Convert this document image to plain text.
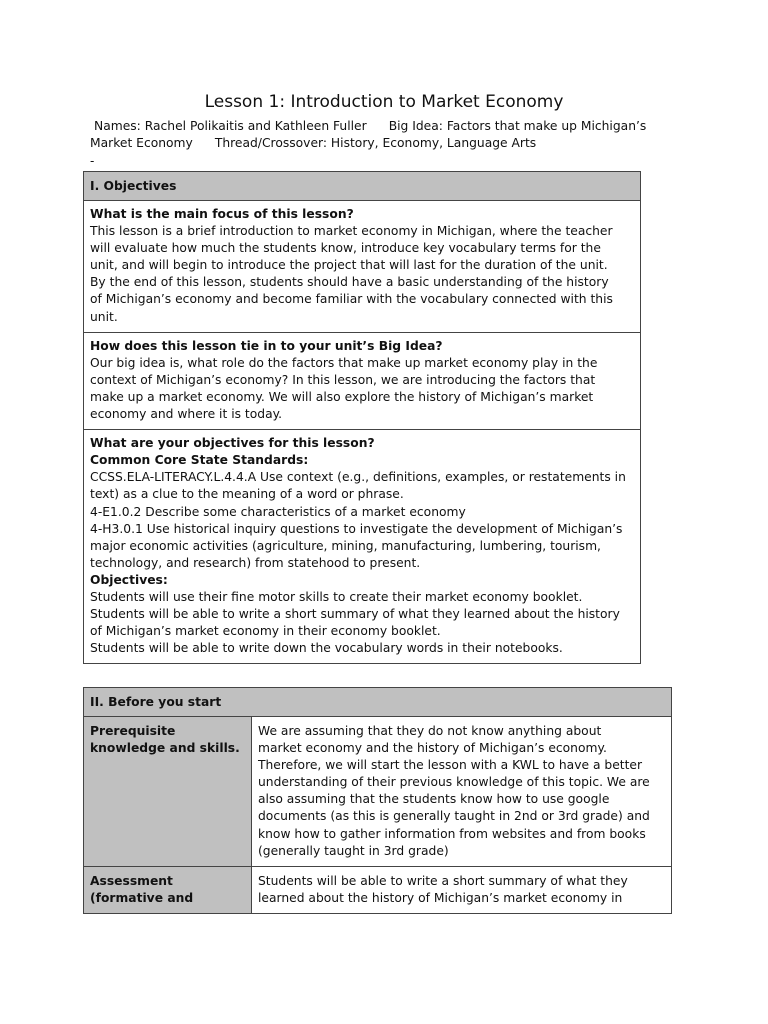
Lesson 1: Introduction to Market Economy
Names: Rachel Polikaitis and Kathleen Fuller Big Idea: Factors that make up Michigan’s
Market Economy Thread/Crossover: History, Economy, Language Arts
-
I. Objectives
What is the main focus of this lesson?
This lesson is a brief introduction to market economy in Michigan, where the teacher
will evaluate how much the students know, introduce key vocabulary terms for the
unit, and will begin to introduce the project that will last for the duration of the unit.
By the end of this lesson, students should have a basic understanding of the history
of Michigan’s economy and become familiar with the vocabulary connected with this
unit.
How does this lesson tie in to your unit’s Big Idea?
Our big idea is, what role do the factors that make up market economy play in the
context of Michigan’s economy? In this lesson, we are introducing the factors that
make up a market economy. We will also explore the history of Michigan’s market
economy and where it is today.
What are your objectives for this lesson?
Common Core State Standards:
CCSS.ELA-LITERACY.L.4.4.A Use context (e.g., definitions, examples, or restatements in
text) as a clue to the meaning of a word or phrase.
4-E1.0.2 Describe some characteristics of a market economy
4-H3.0.1 Use historical inquiry questions to investigate the development of Michigan’s
major economic activities (agriculture, mining, manufacturing, lumbering, tourism,
technology, and research) from statehood to present.
Objectives:
Students will use their fine motor skills to create their market economy booklet.
Students will be able to write a short summary of what they learned about the history
of Michigan’s market economy in their economy booklet.
Students will be able to write down the vocabulary words in their notebooks.
II. Before you start
Prerequisite
knowledge and skills.
We are assuming that they do not know anything about
market economy and the history of Michigan’s economy.
Therefore, we will start the lesson with a KWL to have a better
understanding of their previous knowledge of this topic. We are
also assuming that the students know how to use google
documents (as this is generally taught in 2nd or 3rd grade) and
know how to gather information from websites and from books
(generally taught in 3rd grade)
Assessment
(formative and
Students will be able to write a short summary of what they
learned about the history of Michigan’s market economy in
